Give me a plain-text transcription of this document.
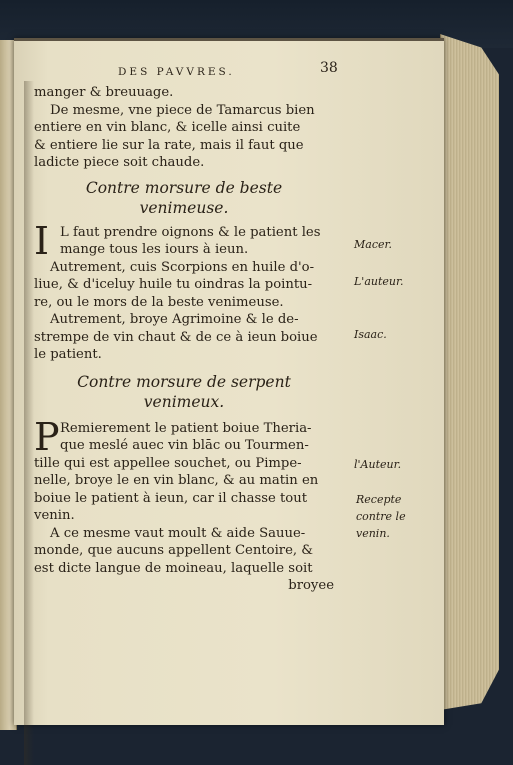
DES PAVVRES.	38
manger & breuuage.
De mesme, vne piece de Tamarcus bien
entiere en vin blanc, & icelle ainsi cuite
& entiere lie sur la rate, mais il faut que
ladicte piece soit chaude.
Contre morsure de beste
venimeuse.
I L faut prendre oignons & le patient les
mange tous les iours à ieun.
Autrement, cuis Scorpions en huile d'o-
liue, & d'iceluy huile tu oindras la pointu-
re, ou le mors de la beste venimeuse.
Autrement, broye Agrimoine & le de-
strempe de vin chaut & de ce à ieun boiue
le patient.
Contre morsure de serpent
venimeux.
P Remierement le patient boiue Theria-
que meslé auec vin blāc ou Tourmen-
tille qui est appellee souchet, ou Pimpe-
nelle, broye le en vin blanc, & au matin en
boiue le patient à ieun, car il chasse tout
venin.
A ce mesme vaut moult & aide Sauue-
monde, que aucuns appellent Centoire, &
est dicte langue de moineau, laquelle soit
broyee
Macer.
L'auteur.
Isaac.
l'Auteur.
Recepte
contre le
venin.
